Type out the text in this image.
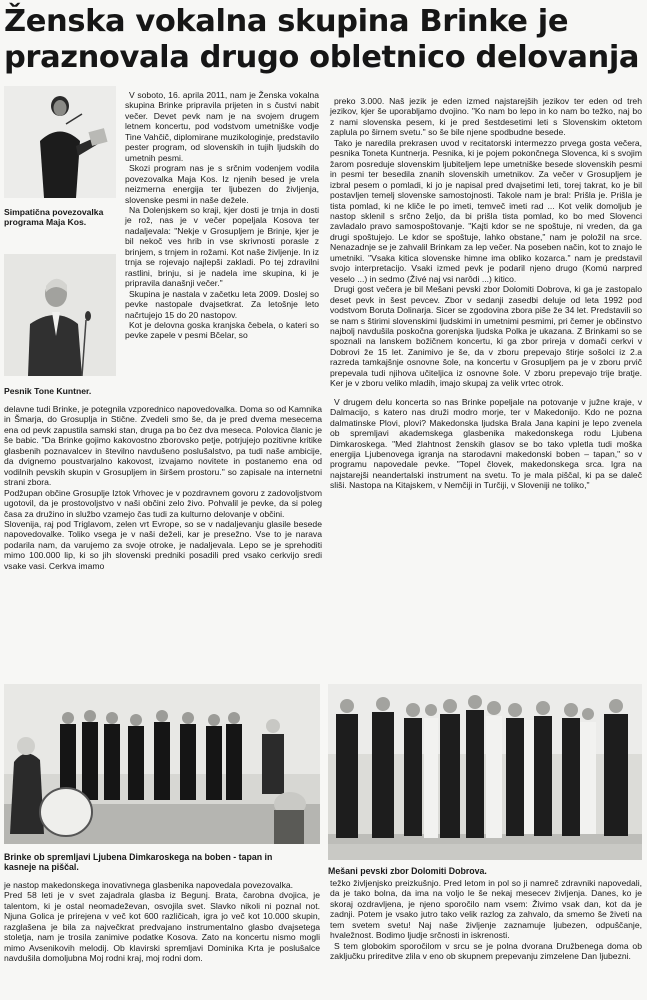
Ženska vokalna skupina Brinke je praznovala drugo obletnico delovanja
Simpatična povezovalka programa Maja Kos.
Pesnik Tone Kuntner.

V soboto, 16. aprila 2011, nam je Ženska vokalna skupina Brinke pripravila prijeten in s čustvi nabit večer. Devet pevk nam je na svojem drugem letnem koncertu, pod vodstvom umetniške vodje Tine Vahčič, diplomirane muzikologinje, predstavilo pester program, od slovenskih in tujih ljudskih do umetnih pesmi.

Skozi program nas je s srčnim vodenjem vodila povezovalka Maja Kos. Iz njenih besed je vrela neizmerna energija ter ljubezen do življenja, slovenske pesmi in naše dežele.

Na Dolenjskem so kraji, kjer dosti je trnja in dosti je rož, nas je v večer popeljala Kosova ter nadaljevala: "Nekje v Grosupljem je Brinje, kjer je bil nekoč ves hrib in vse skrivnosti porasle z brinjem, s trnjem in rožami. Kot naše življenje. In iz trnja se rojevajo najlepši zakladi. Po tej zdravilni rastlini, brinju, si je nadela ime skupina, ki je pripravila današnji večer."

Skupina je nastala v začetku leta 2009. Doslej so pevke nastopale dvajsetkrat. Za letošnje leto načrtujejo 15 do 20 nastopov.

Kot je delovna goska kranjska čebela, o kateri so pevke zapele v pesmi Bčelar, so

delavne tudi Brinke, je potegnila vzporednico napovedovalka. Doma so od Kamnika in Šmarja, do Grosuplja in Stične. Zvedeli smo še, da je pred dvema mesecema ena od pevk zapustila samski stan, druga pa bo čez dva meseca. Polovica članic je še babic. "Da Brinke gojimo kakovostno zborovsko petje, potrjujejo pozitivne kritike glasbenih poznavalcev in številno navdušeno poslušalstvo, pa tudi naše ambicije, da dvignemo poustvarjalno kakovost, izvajamo novitete in postanemo ena od vodilnih pevskih skupin v Grosupljem in širšem prostoru." so zapisale na internetni strani zbora.

Podžupan občine Grosuplje Iztok Vrhovec je v pozdravnem govoru z zadovoljstvom ugotovil, da je prostovoljstvo v naši občini zelo živo. Pohvalil je pevke, da si poleg časa za družino in službo vzamejo čas tudi za kulturno delovanje v občini.

Slovenija, raj pod Triglavom, zelen vrt Evrope, so se v nadaljevanju glasile besede napovedovalke. Toliko vsega je v naši deželi, kar je presežno. Vse to je narava podarila nam, da varujemo za svoje otroke, je nadaljevala. Lepo se je sprehoditi mimo 100.000 lip, ki so jih slovenski predniki posadili pred vsako cerkvijo sredi vsake vasi. Cerkva imamo

preko 3.000. Naš jezik je eden izmed najstarejših jezikov ter eden od treh jezikov, kjer še uporabljamo dvojino. "Ko nam bo lepo in ko nam bo težko, naj bo z nami slovenska pesem, ki je pred šestdesetimi leti s Slovenskim oktetom zaplula po širnem svetu." so še bile njene spodbudne besede.

Tako je naredila prekrasen uvod v recitatorski intermezzo prvega gosta večera, pesnika Toneta Kuntnerja. Pesnika, ki je pojem pokončnega Slovenca, ki s svojim žarom posreduje slovenskim ljubiteljem lepe umetniške besede slovenskih pesmi in pesmi ter besedila znanih slovenskih umetnikov. Za večer v Grosupljem je izbral pesem o pomladi, ki jo je napisal pred dvajsetimi leti, torej takrat, ko je bil postavljen temelj slovenske samostojnosti. Takole nam je bral: Prišla je. Prišla je tista pomlad, ki ne kliče le po imeti, temveč imeti rad ... Kot velik domoljub je nastop sklenil s srčno željo, da bi prišla tista pomlad, ko bo med Slovenci zavladalo pravo samospoštovanje. "Kajti kdor se ne spoštuje, ni vreden, da ga drugi spoštujejo. Le kdor se spoštuje, lahko obstane," nam je položil na srce. Nenazadnje se je zahvalil Brinkam za lep večer. Na poseben način, kot to znajo le umetniki. "Vsaka kitica slovenske himne ima obliko kozarca." nam je predstavil svojo interpretacijo. Vsaki izmed pevk je podaril njeno drugo (Komú narpred veselo ...) in sedmo (Žívé naj vsi narôdi ...) kitico.

Drugi gost večera je bil Mešani pevski zbor Dolomiti Dobrova, ki ga je zastopalo deset pevk in šest pevcev. Zbor v sedanji zasedbi deluje od leta 1992 pod vodstvom Boruta Dolinarja. Sicer se zgodovina zbora piše že 34 let. Predstavili so se nam s štirimi slovenskimi ljudskimi in umetnimi pesmimi, pri čemer je občinstvo najbolj navdušila poskočna gorenjska ljudska Polka je ukazana. Z Brinkami so se spoznali na lanskem božičnem koncertu, ki ga zbor prireja v domači cerkvi v Dobrovi že 15 let. Zanimivo je še, da v zboru prepevajo štirje sošolci iz 2.a razreda tamkajšnje osnovne šole, na koncertu v Grosupljem pa je v zboru prvič prepevala tudi njihova učiteljica iz osnovne šole. V zboru prepevajo trije bratje. Ker je v zboru veliko mladih, imajo skupaj za velik vrtec otrok.

V drugem delu koncerta so nas Brinke popeljale na potovanje v južne kraje, v Dalmacijo, s katero nas druži modro morje, ter v Makedonijo. Kdo ne pozna dalmatinske Plovi, plovi? Makedonska ljudska Brala Jana kapini je lepo zvenela ob spremljavi akademskega glasbenika makedonskega rodu Ljubena Dimkaroskega. "Med žlahtnost ženskih glasov se bo tako vpletla tudi moška energija Ljubenovega igranja na starodavni makedonski boben – tapan," so v programu napovedale pevke. "Topel človek, makedonskega srca. Igra na najstarejši neandertalski instrument na svetu. To je mala piščal, ki pa se daleč sliši. Nastopa na Kitajskem, v Nemčiji in Turčiji, v Sloveniji ne toliko,"

Brinke ob spremljavi Ljubena Dimkaroskega na boben - tapan in kasneje na piščal.	Mešani pevski zbor Dolomiti Dobrova.

je nastop makedonskega inovativnega glasbenika napovedala povezovalka.

Pred 58 leti je v svet zajadrala glasba iz Begunj. Brata, čarobna dvojica, je talentom, ki je ostal neomadeževan, osvojila svet. Slavko nikoli ni poznal not. Njuna Golica je prirejena v več kot 600 različicah, igra jo več kot 10.000 skupin, razglašena je bila za največkrat predvajano instrumentalno glasbo dvajsetega stoletja, nam je trosila zanimive podatke Kosova. Zato na koncertu nismo mogli mimo Avsenikovih melodij. Ob klavirski spremljavi Dominika Krta je poslušalce navdušila domoljubna Moj rodni kraj, moj rodni dom.

težko življenjsko preizkušnjo. Pred letom in pol so ji namreč zdravniki napovedali, da je tako bolna, da ima na voljo le še nekaj mesecev življenja. Danes, ko je skoraj ozdravljena, je njeno sporočilo nam vsem: Živimo vsak dan, kot da je zadnji. Potem je vsako jutro tako velik razlog za zahvalo, da smemo še živeti na tem svetem svetu! Naj naše življenje zaznamuje ljubezen, odpuščanje, hvaležnost. Bodimo ljudje srčnosti in iskrenosti.

S tem globokim sporočilom v srcu se je polna dvorana Družbenega doma ob zaključku prireditve zlila v eno ob skupnem prepevanju zimzelene Dan ljubezni.
